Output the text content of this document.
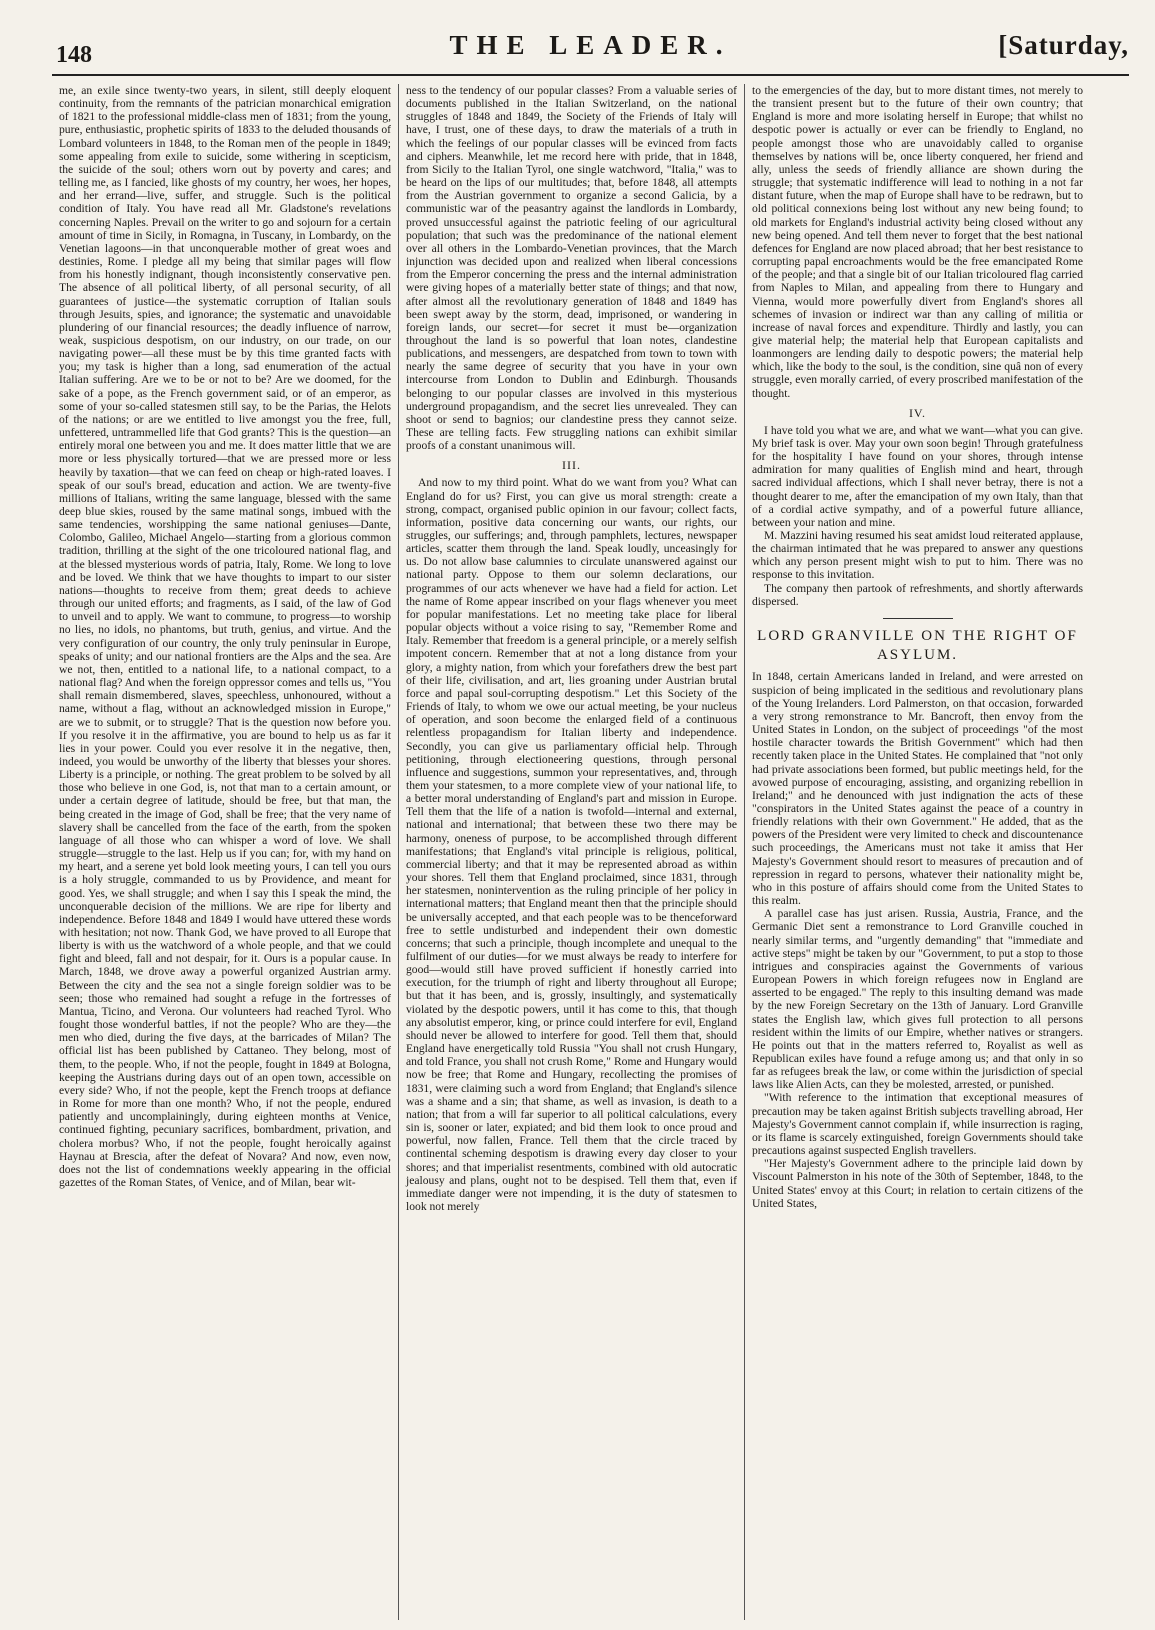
148	THE LEADER.	[Saturday,

me, an exile since twenty-two years, in silent, still deeply eloquent continuity, from the remnants of the patrician monarchical emigration of 1821 to the professional middle-class men of 1831; from the young, pure, enthusiastic, prophetic spirits of 1833 to the deluded thousands of Lombard volunteers in 1848, to the Roman men of the people in 1849; some appealing from exile to suicide, some withering in scepticism, the suicide of the soul; others worn out by poverty and cares; and telling me, as I fancied, like ghosts of my country, her woes, her hopes, and her errand—live, suffer, and struggle. Such is the political condition of Italy. You have read all Mr. Gladstone's revelations concerning Naples. Prevail on the writer to go and sojourn for a certain amount of time in Sicily, in Romagna, in Tuscany, in Lombardy, on the Venetian lagoons—in that unconquerable mother of great woes and destinies, Rome. I pledge all my being that similar pages will flow from his honestly indignant, though inconsistently conservative pen. The absence of all political liberty, of all personal security, of all guarantees of justice—the systematic corruption of Italian souls through Jesuits, spies, and ignorance; the systematic and unavoidable plundering of our financial resources; the deadly influence of narrow, weak, suspicious despotism, on our industry, on our trade, on our navigating power—all these must be by this time granted facts with you; my task is higher than a long, sad enumeration of the actual Italian suffering. Are we to be or not to be? Are we doomed, for the sake of a pope, as the French government said, or of an emperor, as some of your so-called statesmen still say, to be the Parias, the Helots of the nations; or are we entitled to live amongst you the free, full, unfettered, untrammelled life that God grants? This is the question—an entirely moral one between you and me. It does matter little that we are more or less physically tortured—that we are pressed more or less heavily by taxation—that we can feed on cheap or high-rated loaves. I speak of our soul's bread, education and action. We are twenty-five millions of Italians, writing the same language, blessed with the same deep blue skies, roused by the same matinal songs, imbued with the same tendencies, worshipping the same national geniuses—Dante, Colombo, Galileo, Michael Angelo—starting from a glorious common tradition, thrilling at the sight of the one tricoloured national flag, and at the blessed mysterious words of patria, Italy, Rome. We long to love and be loved. We think that we have thoughts to impart to our sister nations—thoughts to receive from them; great deeds to achieve through our united efforts; and fragments, as I said, of the law of God to unveil and to apply. We want to commune, to progress—to worship no lies, no idols, no phantoms, but truth, genius, and virtue. And the very configuration of our country, the only truly peninsular in Europe, speaks of unity; and our national frontiers are the Alps and the sea. Are we not, then, entitled to a national life, to a national compact, to a national flag? And when the foreign oppressor comes and tells us, "You shall remain dismembered, slaves, speechless, unhonoured, without a name, without a flag, without an acknowledged mission in Europe," are we to submit, or to struggle? That is the question now before you. If you resolve it in the affirmative, you are bound to help us as far it lies in your power. Could you ever resolve it in the negative, then, indeed, you would be unworthy of the liberty that blesses your shores. Liberty is a principle, or nothing. The great problem to be solved by all those who believe in one God, is, not that man to a certain amount, or under a certain degree of latitude, should be free, but that man, the being created in the image of God, shall be free; that the very name of slavery shall be cancelled from the face of the earth, from the spoken language of all those who can whisper a word of love. We shall struggle—struggle to the last. Help us if you can; for, with my hand on my heart, and a serene yet bold look meeting yours, I can tell you ours is a holy struggle, commanded to us by Providence, and meant for good. Yes, we shall struggle; and when I say this I speak the mind, the unconquerable decision of the millions. We are ripe for liberty and independence. Before 1848 and 1849 I would have uttered these words with hesitation; not now. Thank God, we have proved to all Europe that liberty is with us the watchword of a whole people, and that we could fight and bleed, fall and not despair, for it. Ours is a popular cause. In March, 1848, we drove away a powerful organized Austrian army. Between the city and the sea not a single foreign soldier was to be seen; those who remained had sought a refuge in the fortresses of Mantua, Ticino, and Verona. Our volunteers had reached Tyrol. Who fought those wonderful battles, if not the people? Who are they—the men who died, during the five days, at the barricades of Milan? The official list has been published by Cattaneo. They belong, most of them, to the people. Who, if not the people, fought in 1849 at Bologna, keeping the Austrians during days out of an open town, accessible on every side? Who, if not the people, kept the French troops at defiance in Rome for more than one month? Who, if not the people, endured patiently and uncomplainingly, during eighteen months at Venice, continued fighting, pecuniary sacrifices, bombardment, privation, and cholera morbus? Who, if not the people, fought heroically against Haynau at Brescia, after the defeat of Novara? And now, even now, does not the list of condemnations weekly appearing in the official gazettes of the Roman States, of Venice, and of Milan, bear wit-

ness to the tendency of our popular classes? From a valuable series of documents published in the Italian Switzerland, on the national struggles of 1848 and 1849, the Society of the Friends of Italy will have, I trust, one of these days, to draw the materials of a truth in which the feelings of our popular classes will be evinced from facts and ciphers. Meanwhile, let me record here with pride, that in 1848, from Sicily to the Italian Tyrol, one single watchword, "Italia," was to be heard on the lips of our multitudes; that, before 1848, all attempts from the Austrian government to organize a second Galicia, by a communistic war of the peasantry against the landlords in Lombardy, proved unsuccessful against the patriotic feeling of our agricultural population; that such was the predominance of the national element over all others in the Lombardo-Venetian provinces, that the March injunction was decided upon and realized when liberal concessions from the Emperor concerning the press and the internal administration were giving hopes of a materially better state of things; and that now, after almost all the revolutionary generation of 1848 and 1849 has been swept away by the storm, dead, imprisoned, or wandering in foreign lands, our secret—for secret it must be—organization throughout the land is so powerful that loan notes, clandestine publications, and messengers, are despatched from town to town with nearly the same degree of security that you have in your own intercourse from London to Dublin and Edinburgh. Thousands belonging to our popular classes are involved in this mysterious underground propagandism, and the secret lies unrevealed. They can shoot or send to bagnios; our clandestine press they cannot seize. These are telling facts. Few struggling nations can exhibit similar proofs of a constant unanimous will.

III.

And now to my third point. What do we want from you? What can England do for us? First, you can give us moral strength: create a strong, compact, organised public opinion in our favour; collect facts, information, positive data concerning our wants, our rights, our struggles, our sufferings; and, through pamphlets, lectures, newspaper articles, scatter them through the land. Speak loudly, unceasingly for us. Do not allow base calumnies to circulate unanswered against our national party. Oppose to them our solemn declarations, our programmes of our acts whenever we have had a field for action. Let the name of Rome appear inscribed on your flags whenever you meet for popular manifestations. Let no meeting take place for liberal popular objects without a voice rising to say, "Remember Rome and Italy. Remember that freedom is a general principle, or a merely selfish impotent concern. Remember that at not a long distance from your glory, a mighty nation, from which your forefathers drew the best part of their life, civilisation, and art, lies groaning under Austrian brutal force and papal soul-corrupting despotism." Let this Society of the Friends of Italy, to whom we owe our actual meeting, be your nucleus of operation, and soon become the enlarged field of a continuous relentless propagandism for Italian liberty and independence. Secondly, you can give us parliamentary official help. Through petitioning, through electioneering questions, through personal influence and suggestions, summon your representatives, and, through them your statesmen, to a more complete view of your national life, to a better moral understanding of England's part and mission in Europe. Tell them that the life of a nation is twofold—internal and external, national and international; that between these two there may be harmony, oneness of purpose, to be accomplished through different manifestations; that England's vital principle is religious, political, commercial liberty; and that it may be represented abroad as within your shores. Tell them that England proclaimed, since 1831, through her statesmen, nonintervention as the ruling principle of her policy in international matters; that England meant then that the principle should be universally accepted, and that each people was to be thenceforward free to settle undisturbed and independent their own domestic concerns; that such a principle, though incomplete and unequal to the fulfilment of our duties—for we must always be ready to interfere for good—would still have proved sufficient if honestly carried into execution, for the triumph of right and liberty throughout all Europe; but that it has been, and is, grossly, insultingly, and systematically violated by the despotic powers, until it has come to this, that though any absolutist emperor, king, or prince could interfere for evil, England should never be allowed to interfere for good. Tell them that, should England have energetically told Russia "You shall not crush Hungary, and told France, you shall not crush Rome," Rome and Hungary would now be free; that Rome and Hungary, recollecting the promises of 1831, were claiming such a word from England; that England's silence was a shame and a sin; that shame, as well as invasion, is death to a nation; that from a will far superior to all political calculations, every sin is, sooner or later, expiated; and bid them look to once proud and powerful, now fallen, France. Tell them that the circle traced by continental scheming despotism is drawing every day closer to your shores; and that imperialist resentments, combined with old autocratic jealousy and plans, ought not to be despised. Tell them that, even if immediate danger were not impending, it is the duty of statesmen to look not merely

to the emergencies of the day, but to more distant times, not merely to the transient present but to the future of their own country; that England is more and more isolating herself in Europe; that whilst no despotic power is actually or ever can be friendly to England, no people amongst those who are unavoidably called to organise themselves by nations will be, once liberty conquered, her friend and ally, unless the seeds of friendly alliance are shown during the struggle; that systematic indifference will lead to nothing in a not far distant future, when the map of Europe shall have to be redrawn, but to old political connexions being lost without any new being found; to old markets for England's industrial activity being closed without any new being opened. And tell them never to forget that the best national defences for England are now placed abroad; that her best resistance to corrupting papal encroachments would be the free emancipated Rome of the people; and that a single bit of our Italian tricoloured flag carried from Naples to Milan, and appealing from there to Hungary and Vienna, would more powerfully divert from England's shores all schemes of invasion or indirect war than any calling of militia or increase of naval forces and expenditure. Thirdly and lastly, you can give material help; the material help that European capitalists and loanmongers are lending daily to despotic powers; the material help which, like the body to the soul, is the condition, sine quâ non of every struggle, even morally carried, of every proscribed manifestation of the thought.

IV.

I have told you what we are, and what we want—what you can give. My brief task is over. May your own soon begin! Through gratefulness for the hospitality I have found on your shores, through intense admiration for many qualities of English mind and heart, through sacred individual affections, which I shall never betray, there is not a thought dearer to me, after the emancipation of my own Italy, than that of a cordial active sympathy, and of a powerful future alliance, between your nation and mine.

M. Mazzini having resumed his seat amidst loud reiterated applause, the chairman intimated that he was prepared to answer any questions which any person present might wish to put to him. There was no response to this invitation.

The company then partook of refreshments, and shortly afterwards dispersed.

LORD GRANVILLE ON THE RIGHT OF ASYLUM.

In 1848, certain Americans landed in Ireland, and were arrested on suspicion of being implicated in the seditious and revolutionary plans of the Young Irelanders. Lord Palmerston, on that occasion, forwarded a very strong remonstrance to Mr. Bancroft, then envoy from the United States in London, on the subject of proceedings "of the most hostile character towards the British Government" which had then recently taken place in the United States. He complained that "not only had private associations been formed, but public meetings held, for the avowed purpose of encouraging, assisting, and organizing rebellion in Ireland;" and he denounced with just indignation the acts of these "conspirators in the United States against the peace of a country in friendly relations with their own Government." He added, that as the powers of the President were very limited to check and discountenance such proceedings, the Americans must not take it amiss that Her Majesty's Government should resort to measures of precaution and of repression in regard to persons, whatever their nationality might be, who in this posture of affairs should come from the United States to this realm.

A parallel case has just arisen. Russia, Austria, France, and the Germanic Diet sent a remonstrance to Lord Granville couched in nearly similar terms, and "urgently demanding" that "immediate and active steps" might be taken by our "Government, to put a stop to those intrigues and conspiracies against the Governments of various European Powers in which foreign refugees now in England are asserted to be engaged." The reply to this insulting demand was made by the new Foreign Secretary on the 13th of January. Lord Granville states the English law, which gives full protection to all persons resident within the limits of our Empire, whether natives or strangers. He points out that in the matters referred to, Royalist as well as Republican exiles have found a refuge among us; and that only in so far as refugees break the law, or come within the jurisdiction of special laws like Alien Acts, can they be molested, arrested, or punished.

"With reference to the intimation that exceptional measures of precaution may be taken against British subjects travelling abroad, Her Majesty's Government cannot complain if, while insurrection is raging, or its flame is scarcely extinguished, foreign Governments should take precautions against suspected English travellers.

"Her Majesty's Government adhere to the principle laid down by Viscount Palmerston in his note of the 30th of September, 1848, to the United States' envoy at this Court; in relation to certain citizens of the United States,
